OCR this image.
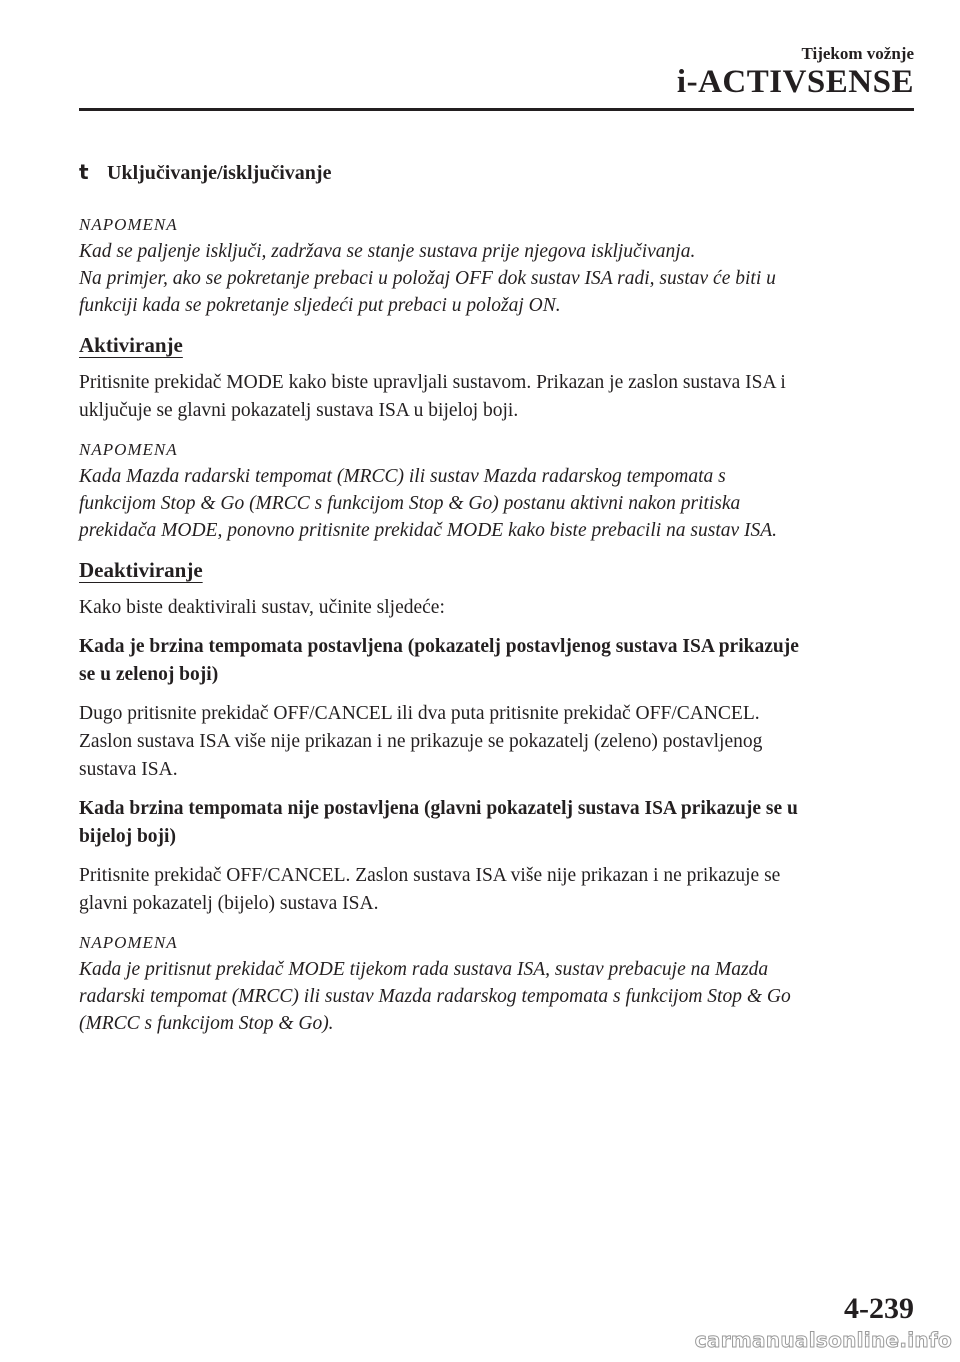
Tijekom vožnje
i-ACTIVSENSE
t Uključivanje/isključivanje
NAPOMENA
Kad se paljenje isključi, zadržava se stanje sustava prije njegova isključivanja.
Na primjer, ako se pokretanje prebaci u položaj OFF dok sustav ISA radi, sustav će biti u
funkciji kada se pokretanje sljedeći put prebaci u položaj ON.
Aktiviranje
Pritisnite prekidač MODE kako biste upravljali sustavom. Prikazan je zaslon sustava ISA i
uključuje se glavni pokazatelj sustava ISA u bijeloj boji.
NAPOMENA
Kada Mazda radarski tempomat (MRCC) ili sustav Mazda radarskog tempomata s
funkcijom Stop & Go (MRCC s funkcijom Stop & Go) postanu aktivni nakon pritiska
prekidača MODE, ponovno pritisnite prekidač MODE kako biste prebacili na sustav ISA.
Deaktiviranje
Kako biste deaktivirali sustav, učinite sljedeće:
Kada je brzina tempomata postavljena (pokazatelj postavljenog sustava ISA prikazuje
se u zelenoj boji)
Dugo pritisnite prekidač OFF/CANCEL ili dva puta pritisnite prekidač OFF/CANCEL.
Zaslon sustava ISA više nije prikazan i ne prikazuje se pokazatelj (zeleno) postavljenog
sustava ISA.
Kada brzina tempomata nije postavljena (glavni pokazatelj sustava ISA prikazuje se u
bijeloj boji)
Pritisnite prekidač OFF/CANCEL. Zaslon sustava ISA više nije prikazan i ne prikazuje se
glavni pokazatelj (bijelo) sustava ISA.
NAPOMENA
Kada je pritisnut prekidač MODE tijekom rada sustava ISA, sustav prebacuje na Mazda
radarski tempomat (MRCC) ili sustav Mazda radarskog tempomata s funkcijom Stop & Go
(MRCC s funkcijom Stop & Go).
4-239
carmanualsonline.info
